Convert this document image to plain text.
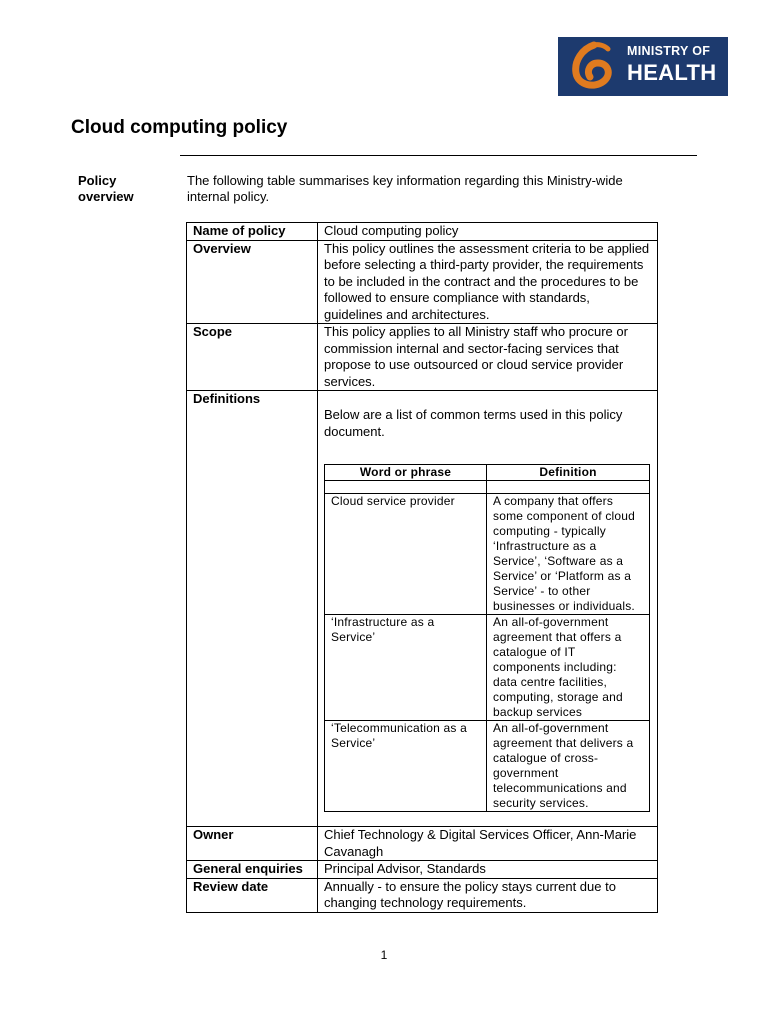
MINISTRY OF
HEALTH
Cloud computing policy
Policy
overview
The following table summarises key information regarding this Ministry-wide internal policy.
Name of policy	Cloud computing policy
Overview	This policy outlines the assessment criteria to be applied before selecting a third-party provider, the requirements to be included in the contract and the procedures to be followed to ensure compliance with standards, guidelines and architectures.
Scope	This policy applies to all Ministry staff who procure or commission internal and sector-facing services that propose to use outsourced or cloud service provider services.
Definitions	
Below are a list of common terms used in this policy document.
Word or phrase	Definition

Cloud service provider	A company that offers some component of cloud computing - typically ‘Infrastructure as a Service’, ‘Software as a Service’ or ‘Platform as a Service’ - to other businesses or individuals.
‘Infrastructure as a Service’	An all-of-government agreement that offers a catalogue of IT components including: data centre facilities, computing, storage and backup services
‘Telecommunication as a Service’	An all-of-government agreement that delivers a catalogue of cross-government telecommunications and security services.

Owner	Chief Technology & Digital Services Officer, Ann-Marie Cavanagh
General enquiries	Principal Advisor, Standards
Review date	Annually - to ensure the policy stays current due to changing technology requirements.
1
